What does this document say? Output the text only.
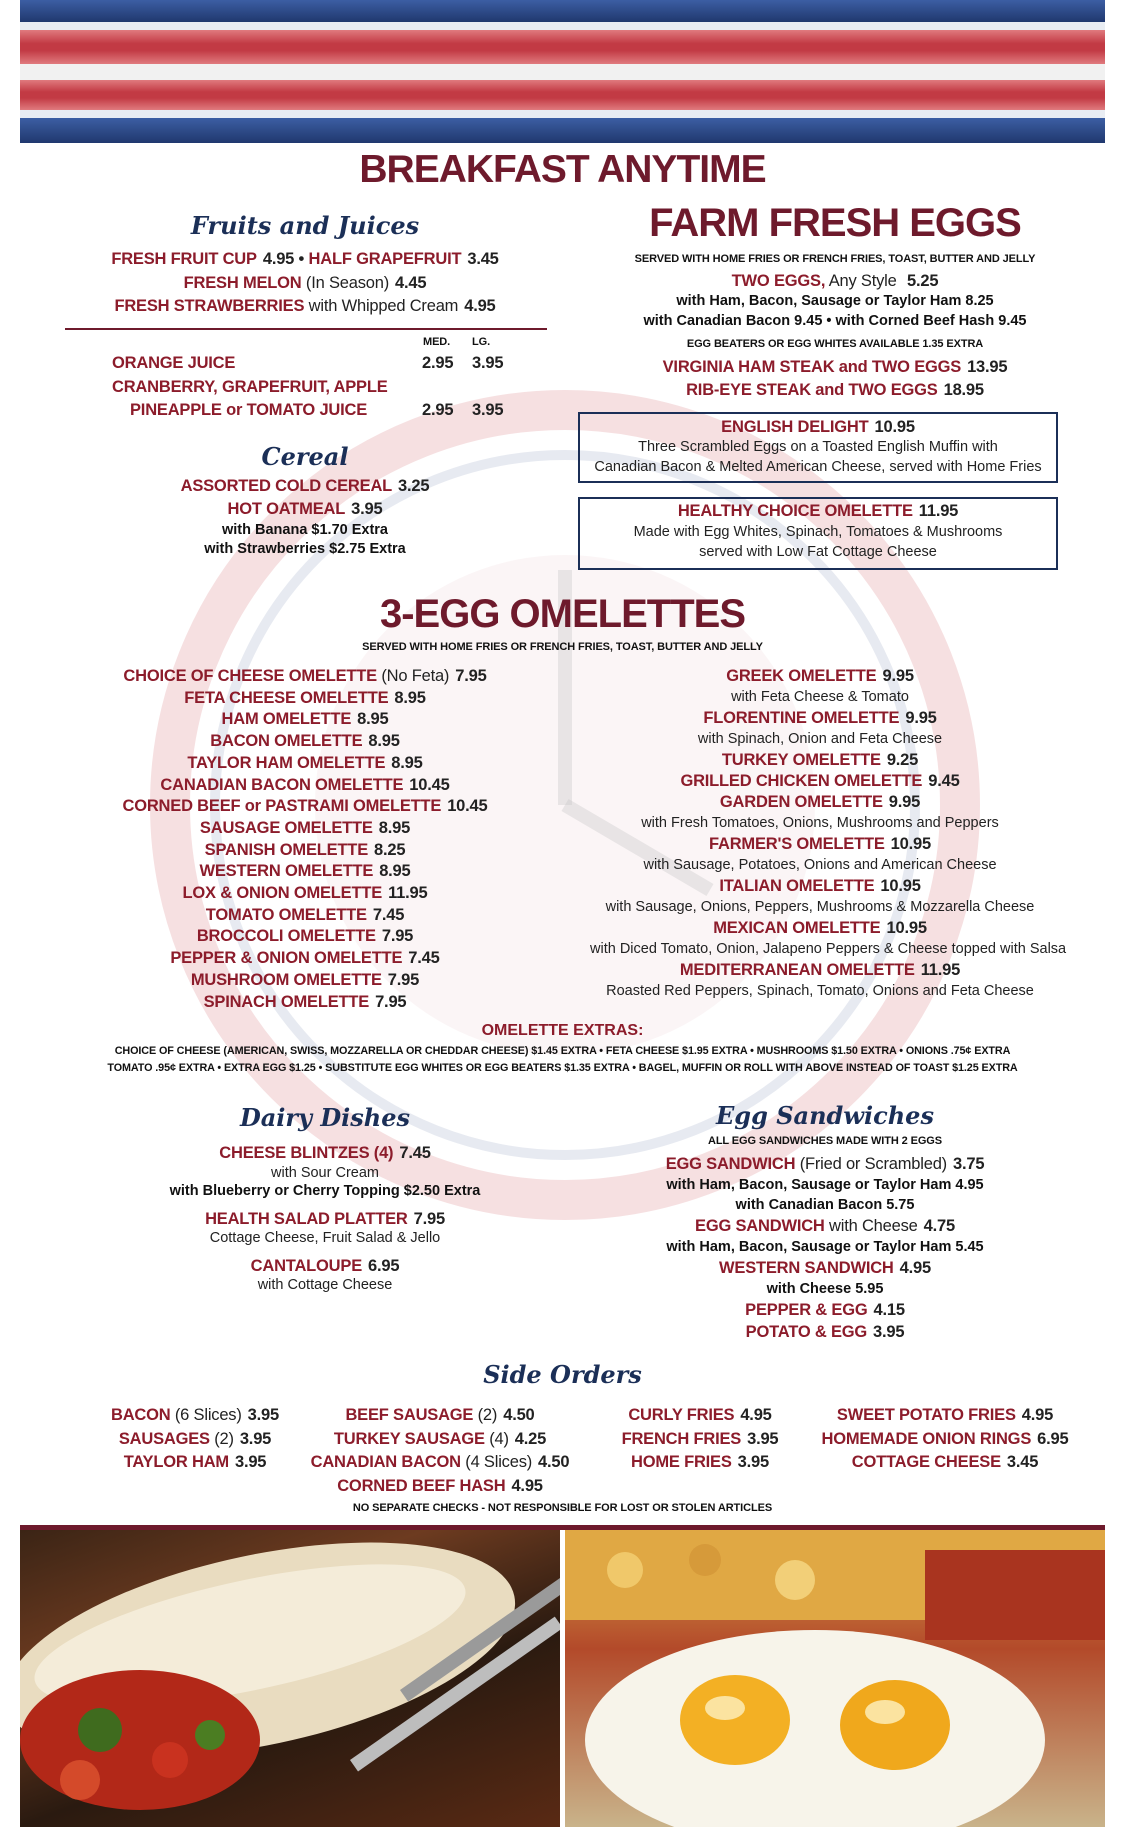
BREAKFAST ANYTIME
Fruits and Juices
FRESH FRUIT CUP 4.95 • HALF GRAPEFRUIT 3.45
FRESH MELON (In Season) 4.45
FRESH STRAWBERRIES with Whipped Cream 4.95
MED. LG.
ORANGE JUICE	2.95 3.95
CRANBERRY, GRAPEFRUIT, APPLE
PINEAPPLE or TOMATO JUICE	2.95 3.95
Cereal
ASSORTED COLD CEREAL 3.25
HOT OATMEAL 3.95
with Banana $1.70 Extra
with Strawberries $2.75 Extra
FARM FRESH EGGS
SERVED WITH HOME FRIES OR FRENCH FRIES, TOAST, BUTTER AND JELLY
TWO EGGS, Any Style 5.25
with Ham, Bacon, Sausage or Taylor Ham 8.25
with Canadian Bacon 9.45 • with Corned Beef Hash 9.45
EGG BEATERS OR EGG WHITES AVAILABLE 1.35 EXTRA
VIRGINIA HAM STEAK and TWO EGGS 13.95
RIB-EYE STEAK and TWO EGGS 18.95
ENGLISH DELIGHT 10.95
Three Scrambled Eggs on a Toasted English Muffin with
Canadian Bacon & Melted American Cheese, served with Home Fries
HEALTHY CHOICE OMELETTE 11.95
Made with Egg Whites, Spinach, Tomatoes & Mushrooms
served with Low Fat Cottage Cheese
3-EGG OMELETTES
SERVED WITH HOME FRIES OR FRENCH FRIES, TOAST, BUTTER AND JELLY
CHOICE OF CHEESE OMELETTE (No Feta) 7.95
FETA CHEESE OMELETTE 8.95
HAM OMELETTE 8.95
BACON OMELETTE 8.95
TAYLOR HAM OMELETTE 8.95
CANADIAN BACON OMELETTE 10.45
CORNED BEEF or PASTRAMI OMELETTE 10.45
SAUSAGE OMELETTE 8.95
SPANISH OMELETTE 8.25
WESTERN OMELETTE 8.95
LOX & ONION OMELETTE 11.95
TOMATO OMELETTE 7.45
BROCCOLI OMELETTE 7.95
PEPPER & ONION OMELETTE 7.45
MUSHROOM OMELETTE 7.95
SPINACH OMELETTE 7.95
GREEK OMELETTE 9.95
with Feta Cheese & Tomato
FLORENTINE OMELETTE 9.95
with Spinach, Onion and Feta Cheese
TURKEY OMELETTE 9.25
GRILLED CHICKEN OMELETTE 9.45
GARDEN OMELETTE 9.95
with Fresh Tomatoes, Onions, Mushrooms and Peppers
FARMER'S OMELETTE 10.95
with Sausage, Potatoes, Onions and American Cheese
ITALIAN OMELETTE 10.95
with Sausage, Onions, Peppers, Mushrooms & Mozzarella Cheese
MEXICAN OMELETTE 10.95
with Diced Tomato, Onion, Jalapeno Peppers & Cheese topped with Salsa
MEDITERRANEAN OMELETTE 11.95
Roasted Red Peppers, Spinach, Tomato, Onions and Feta Cheese
OMELETTE EXTRAS:
CHOICE OF CHEESE (AMERICAN, SWISS, MOZZARELLA OR CHEDDAR CHEESE) $1.45 EXTRA • FETA CHEESE $1.95 EXTRA • MUSHROOMS $1.50 EXTRA • ONIONS .75¢ EXTRA
TOMATO .95¢ EXTRA • EXTRA EGG $1.25 • SUBSTITUTE EGG WHITES OR EGG BEATERS $1.35 EXTRA • BAGEL, MUFFIN OR ROLL WITH ABOVE INSTEAD OF TOAST $1.25 EXTRA
Dairy Dishes
CHEESE BLINTZES (4) 7.45
with Sour Cream
with Blueberry or Cherry Topping $2.50 Extra
HEALTH SALAD PLATTER 7.95
Cottage Cheese, Fruit Salad & Jello
CANTALOUPE 6.95
with Cottage Cheese
Egg Sandwiches
ALL EGG SANDWICHES MADE WITH 2 EGGS
EGG SANDWICH (Fried or Scrambled) 3.75
with Ham, Bacon, Sausage or Taylor Ham 4.95
with Canadian Bacon 5.75
EGG SANDWICH with Cheese 4.75
with Ham, Bacon, Sausage or Taylor Ham 5.45
WESTERN SANDWICH 4.95
with Cheese 5.95
PEPPER & EGG 4.15
POTATO & EGG 3.95
Side Orders
BACON (6 Slices) 3.95
SAUSAGES (2) 3.95
TAYLOR HAM 3.95
BEEF SAUSAGE (2) 4.50
TURKEY SAUSAGE (4) 4.25
CANADIAN BACON (4 Slices) 4.50
CORNED BEEF HASH 4.95
CURLY FRIES 4.95
FRENCH FRIES 3.95
HOME FRIES 3.95
SWEET POTATO FRIES 4.95
HOMEMADE ONION RINGS 6.95
COTTAGE CHEESE 3.45
NO SEPARATE CHECKS - NOT RESPONSIBLE FOR LOST OR STOLEN ARTICLES
